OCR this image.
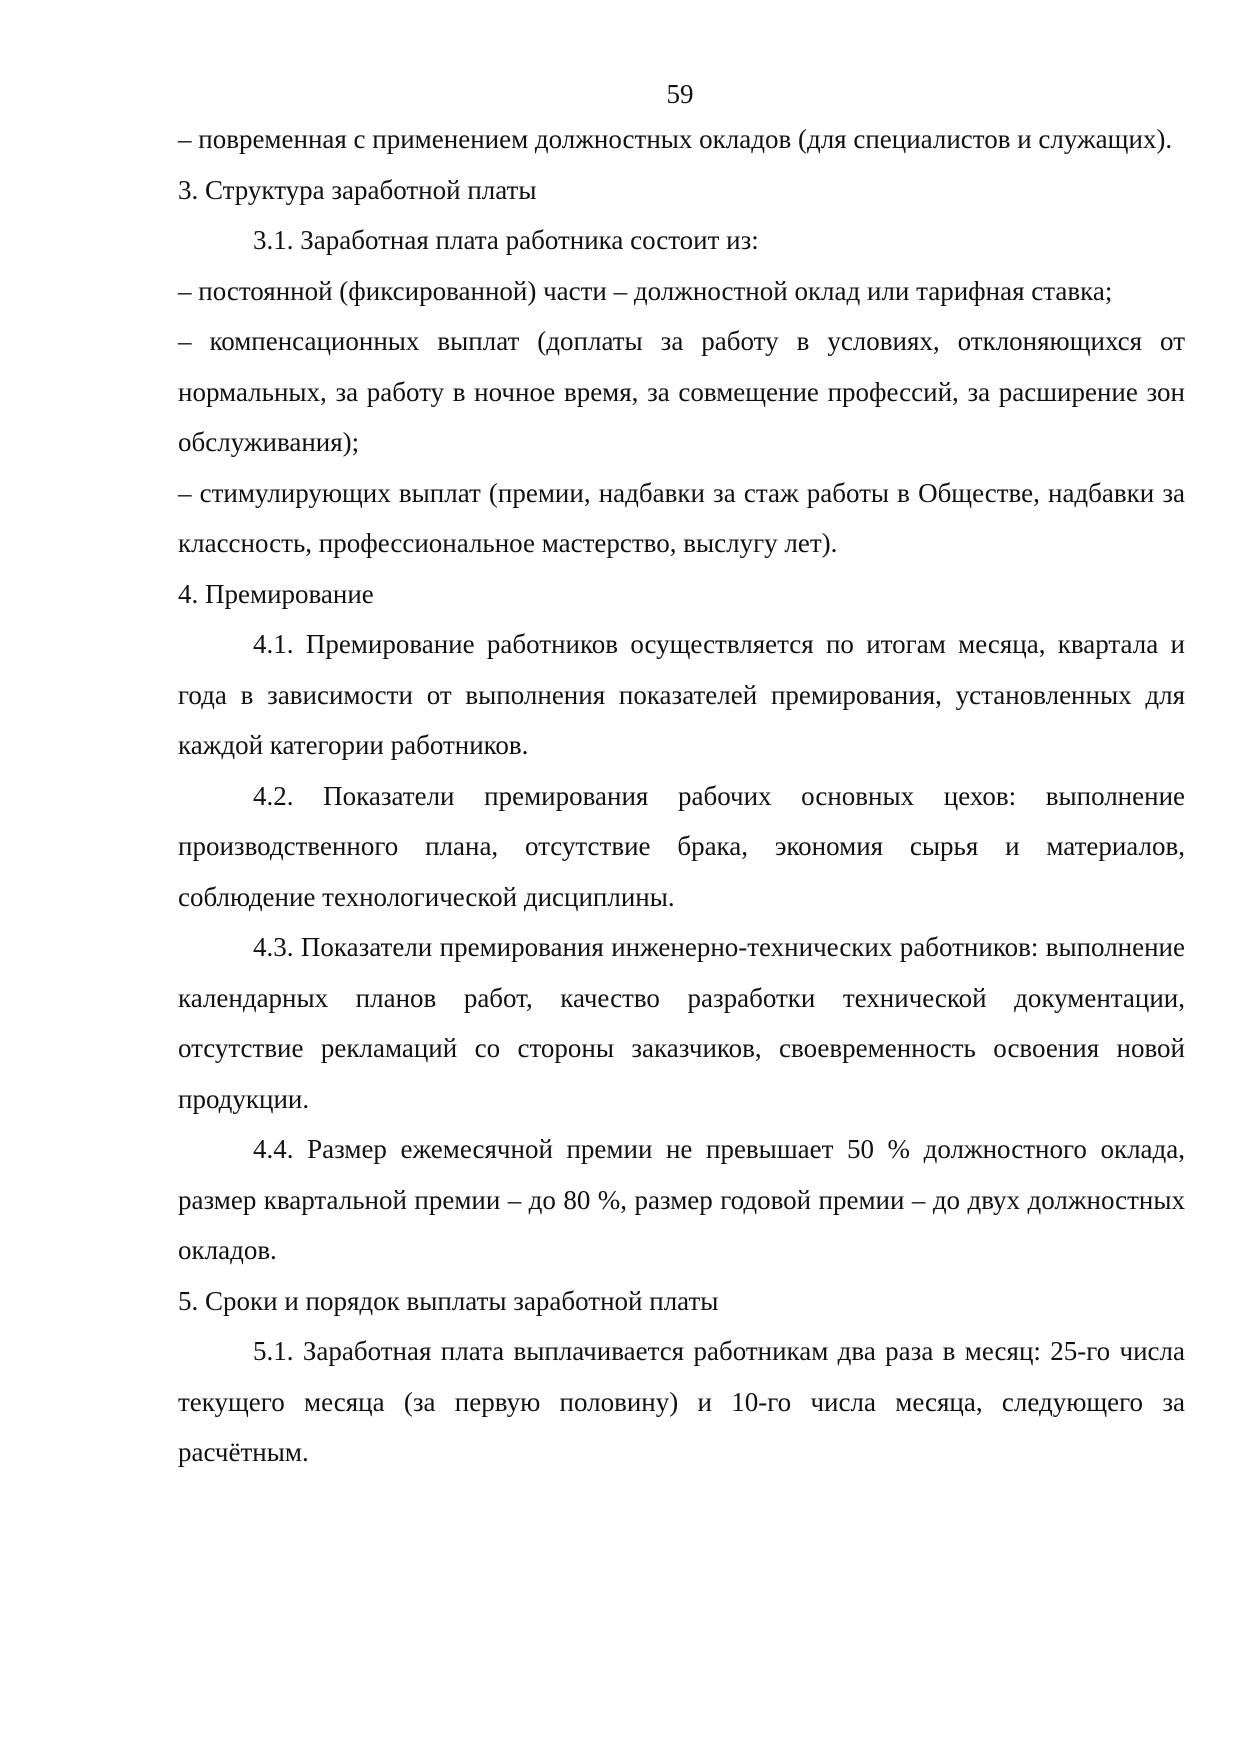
59

– повременная с применением должностных окладов (для специалистов и служащих).

3. Структура заработной платы

3.1. Заработная плата работника состоит из:

– постоянной (фиксированной) части – должностной оклад или тарифная ставка;

– компенсационных выплат (доплаты за работу в условиях, отклоняющихся от нормальных, за работу в ночное время, за совмещение профессий, за расширение зон обслуживания);

– стимулирующих выплат (премии, надбавки за стаж работы в Обществе, надбавки за классность, профессиональное мастерство, выслугу лет).

4. Премирование

4.1. Премирование работников осуществляется по итогам месяца, квартала и года в зависимости от выполнения показателей премирования, установленных для каждой категории работников.

4.2. Показатели премирования рабочих основных цехов: выполнение производственного плана, отсутствие брака, экономия сырья и материалов, соблюдение технологической дисциплины.

4.3. Показатели премирования инженерно-технических работников: выполнение календарных планов работ, качество разработки технической документации, отсутствие рекламаций со стороны заказчиков, своевременность освоения новой продукции.

4.4. Размер ежемесячной премии не превышает 50 % должностного оклада, размер квартальной премии – до 80 %, размер годовой премии – до двух должностных окладов.

5. Сроки и порядок выплаты заработной платы

5.1. Заработная плата выплачивается работникам два раза в месяц: 25-го числа текущего месяца (за первую половину) и 10-го числа месяца, следующего за расчётным.
